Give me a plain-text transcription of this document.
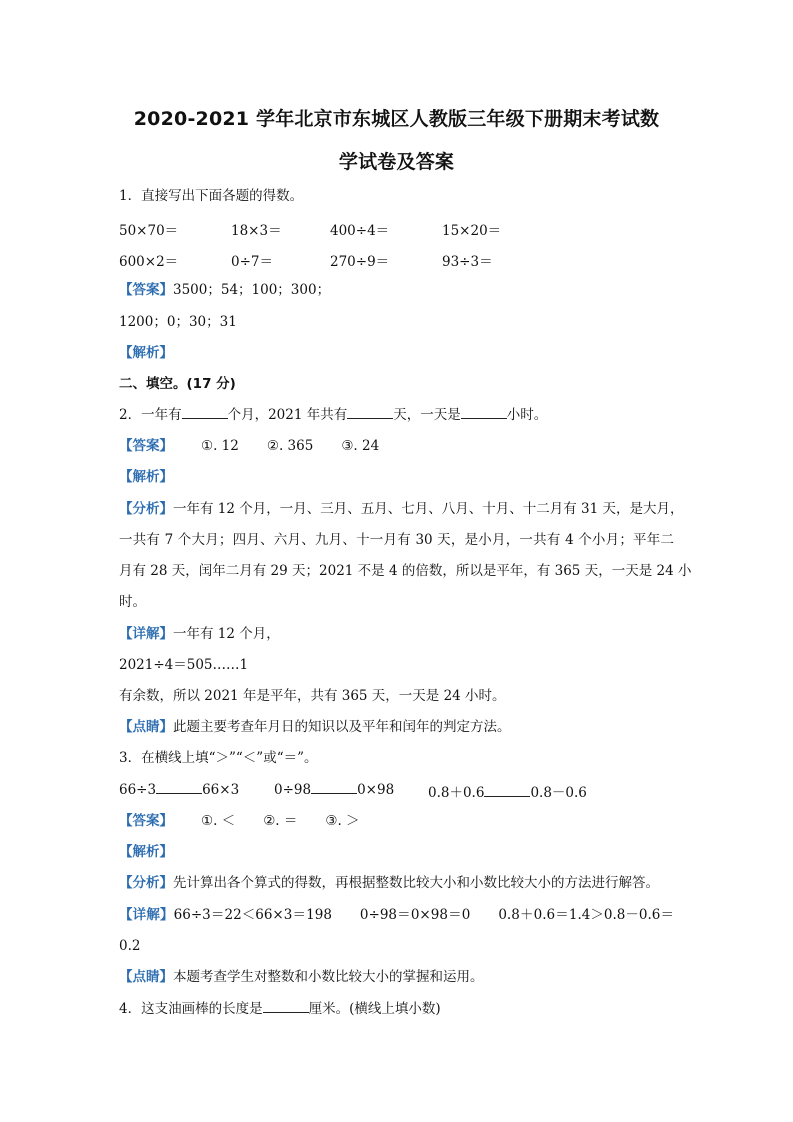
2020-2021 学年北京市东城区人教版三年级下册期末考试数
学试卷及答案
1．直接写出下面各题的得数。
50×70＝	18×3＝	400÷4＝	15×20＝
600×2＝	0÷7＝	270÷9＝	93÷3＝
【答案】3500；54；100；300；
1200；0；30；31
【解析】
二、填空。(17 分)
2．一年有	个月，2021 年共有	天，一天是	小时。
【答案】 ①. 12 ②. 365 ③. 24
【解析】
【分析】一年有 12 个月，一月、三月、五月、七月、八月、十月、十二月有 31 天，是大月，
一共有 7 个大月；四月、六月、九月、十一月有 30 天，是小月，一共有 4 个小月；平年二
月有 28 天，闰年二月有 29 天；2021 不是 4 的倍数，所以是平年，有 365 天，一天是 24 小
时。
【详解】一年有 12 个月，
2021÷4＝505……1
有余数，所以 2021 年是平年，共有 365 天，一天是 24 小时。
【点睛】此题主要考查年月日的知识以及平年和闰年的判定方法。
3．在横线上填“＞”“＜”或“＝”。
66÷3	66×3	0÷98	0×98	0.8＋0.6	0.8－0.6
【答案】 ①. ＜ ②. ＝ ③. ＞
【解析】
【分析】先计算出各个算式的得数，再根据整数比较大小和小数比较大小的方法进行解答。
【详解】66÷3＝22＜66×3＝198 0÷98＝0×98＝0 0.8＋0.6＝1.4＞0.8－0.6＝
0.2
【点睛】本题考查学生对整数和小数比较大小的掌握和运用。
4．这支油画棒的长度是	厘米。(横线上填小数)
